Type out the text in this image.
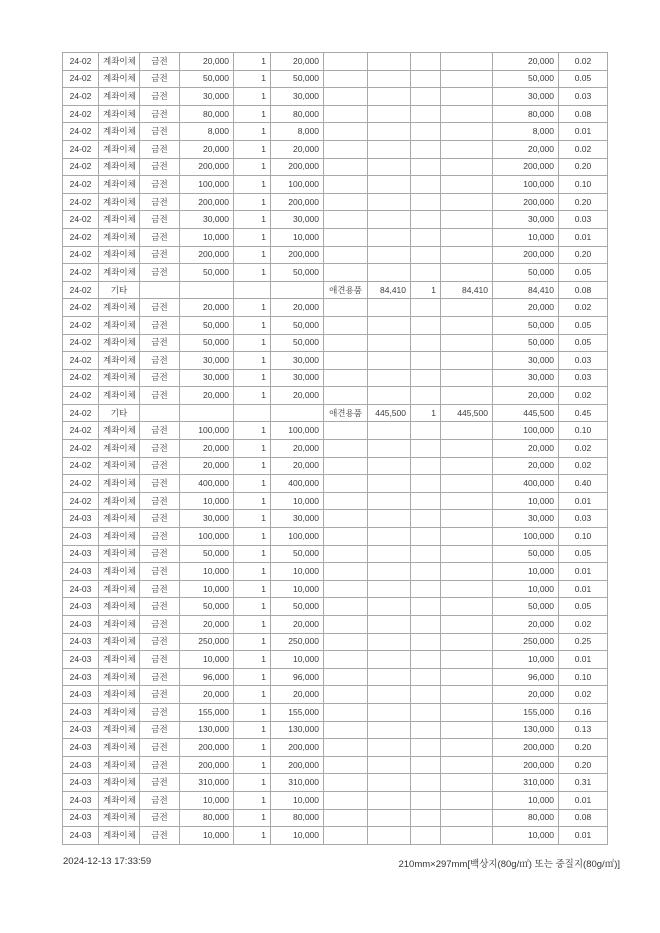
24-02	계좌이체	금전	20,000	1	20,000					20,000	0.02
24-02	계좌이체	금전	50,000	1	50,000					50,000	0.05
24-02	계좌이체	금전	30,000	1	30,000					30,000	0.03
24-02	계좌이체	금전	80,000	1	80,000					80,000	0.08
24-02	계좌이체	금전	8,000	1	8,000					8,000	0.01
24-02	계좌이체	금전	20,000	1	20,000					20,000	0.02
24-02	계좌이체	금전	200,000	1	200,000					200,000	0.20
24-02	계좌이체	금전	100,000	1	100,000					100,000	0.10
24-02	계좌이체	금전	200,000	1	200,000					200,000	0.20
24-02	계좌이체	금전	30,000	1	30,000					30,000	0.03
24-02	계좌이체	금전	10,000	1	10,000					10,000	0.01
24-02	계좌이체	금전	200,000	1	200,000					200,000	0.20
24-02	계좌이체	금전	50,000	1	50,000					50,000	0.05
24-02	기타					애견용품	84,410	1	84,410	84,410	0.08
24-02	계좌이체	금전	20,000	1	20,000					20,000	0.02
24-02	계좌이체	금전	50,000	1	50,000					50,000	0.05
24-02	계좌이체	금전	50,000	1	50,000					50,000	0.05
24-02	계좌이체	금전	30,000	1	30,000					30,000	0.03
24-02	계좌이체	금전	30,000	1	30,000					30,000	0.03
24-02	계좌이체	금전	20,000	1	20,000					20,000	0.02
24-02	기타					애견용품	445,500	1	445,500	445,500	0.45
24-02	계좌이체	금전	100,000	1	100,000					100,000	0.10
24-02	계좌이체	금전	20,000	1	20,000					20,000	0.02
24-02	계좌이체	금전	20,000	1	20,000					20,000	0.02
24-02	계좌이체	금전	400,000	1	400,000					400,000	0.40
24-02	계좌이체	금전	10,000	1	10,000					10,000	0.01
24-03	계좌이체	금전	30,000	1	30,000					30,000	0.03
24-03	계좌이체	금전	100,000	1	100,000					100,000	0.10
24-03	계좌이체	금전	50,000	1	50,000					50,000	0.05
24-03	계좌이체	금전	10,000	1	10,000					10,000	0.01
24-03	계좌이체	금전	10,000	1	10,000					10,000	0.01
24-03	계좌이체	금전	50,000	1	50,000					50,000	0.05
24-03	계좌이체	금전	20,000	1	20,000					20,000	0.02
24-03	계좌이체	금전	250,000	1	250,000					250,000	0.25
24-03	계좌이체	금전	10,000	1	10,000					10,000	0.01
24-03	계좌이체	금전	96,000	1	96,000					96,000	0.10
24-03	계좌이체	금전	20,000	1	20,000					20,000	0.02
24-03	계좌이체	금전	155,000	1	155,000					155,000	0.16
24-03	계좌이체	금전	130,000	1	130,000					130,000	0.13
24-03	계좌이체	금전	200,000	1	200,000					200,000	0.20
24-03	계좌이체	금전	200,000	1	200,000					200,000	0.20
24-03	계좌이체	금전	310,000	1	310,000					310,000	0.31
24-03	계좌이체	금전	10,000	1	10,000					10,000	0.01
24-03	계좌이체	금전	80,000	1	80,000					80,000	0.08
24-03	계좌이체	금전	10,000	1	10,000					10,000	0.01
2024-12-13 17:33:59	210mm×297mm[백상지(80g/㎡) 또는 중질지(80g/㎡)]
